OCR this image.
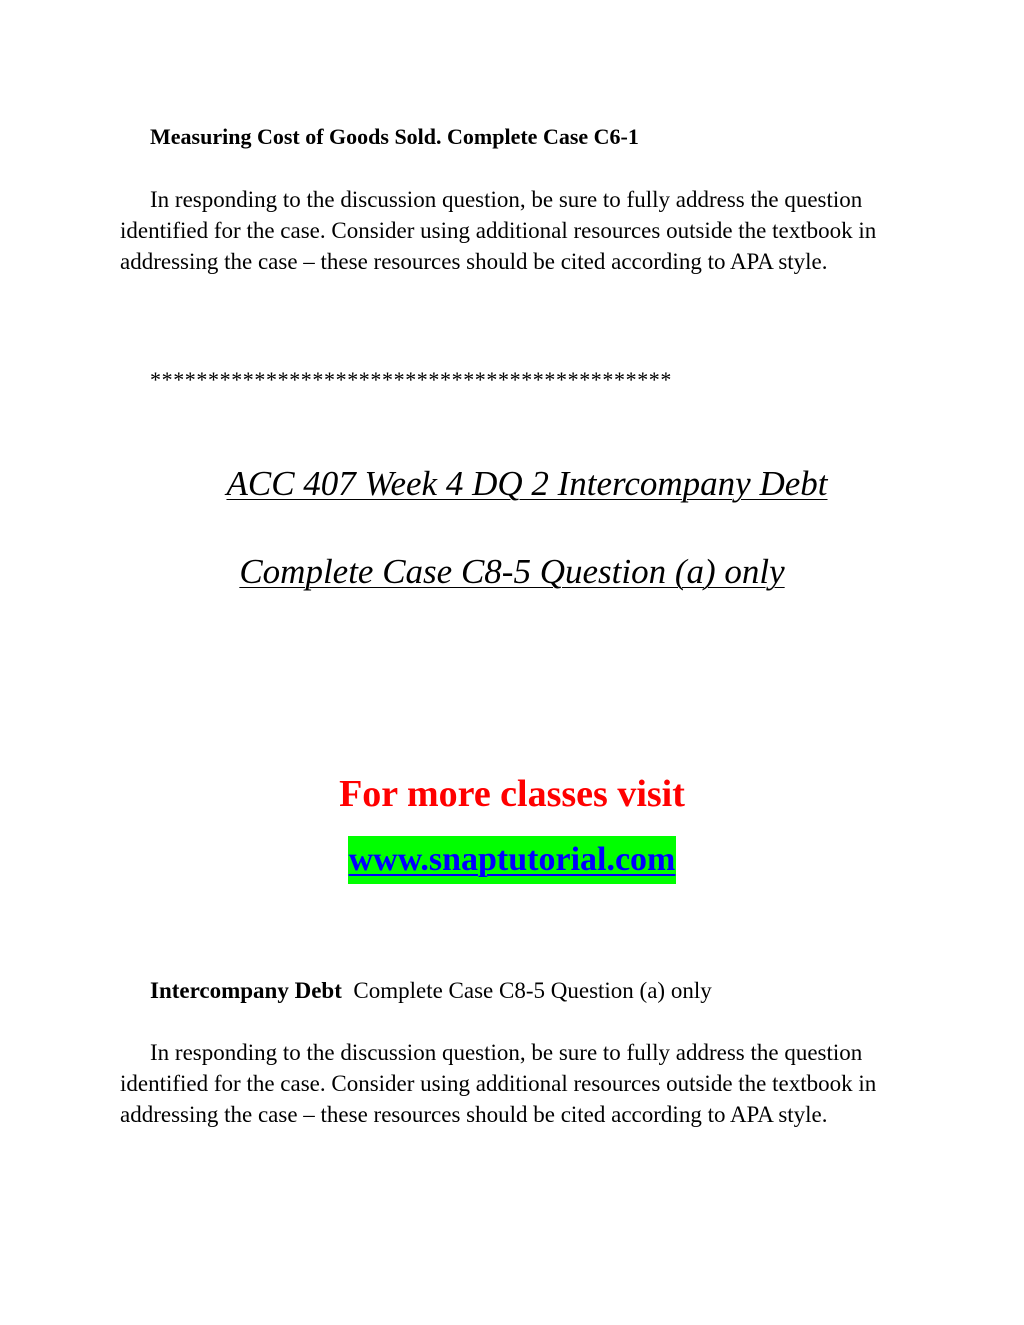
Measuring Cost of Goods Sold. Complete Case C6-1

In responding to the discussion question, be sure to fully address the question identified for the case. Consider using additional resources outside the textbook in addressing the case – these resources should be cited according to APA style.

*********************************************

ACC 407 Week 4 DQ 2 Intercompany Debt

Complete Case C8-5 Question (a) only

For more classes visit

www.snaptutorial.com

Intercompany Debt Complete Case C8-5 Question (a) only

In responding to the discussion question, be sure to fully address the question identified for the case. Consider using additional resources outside the textbook in addressing the case – these resources should be cited according to APA style.
